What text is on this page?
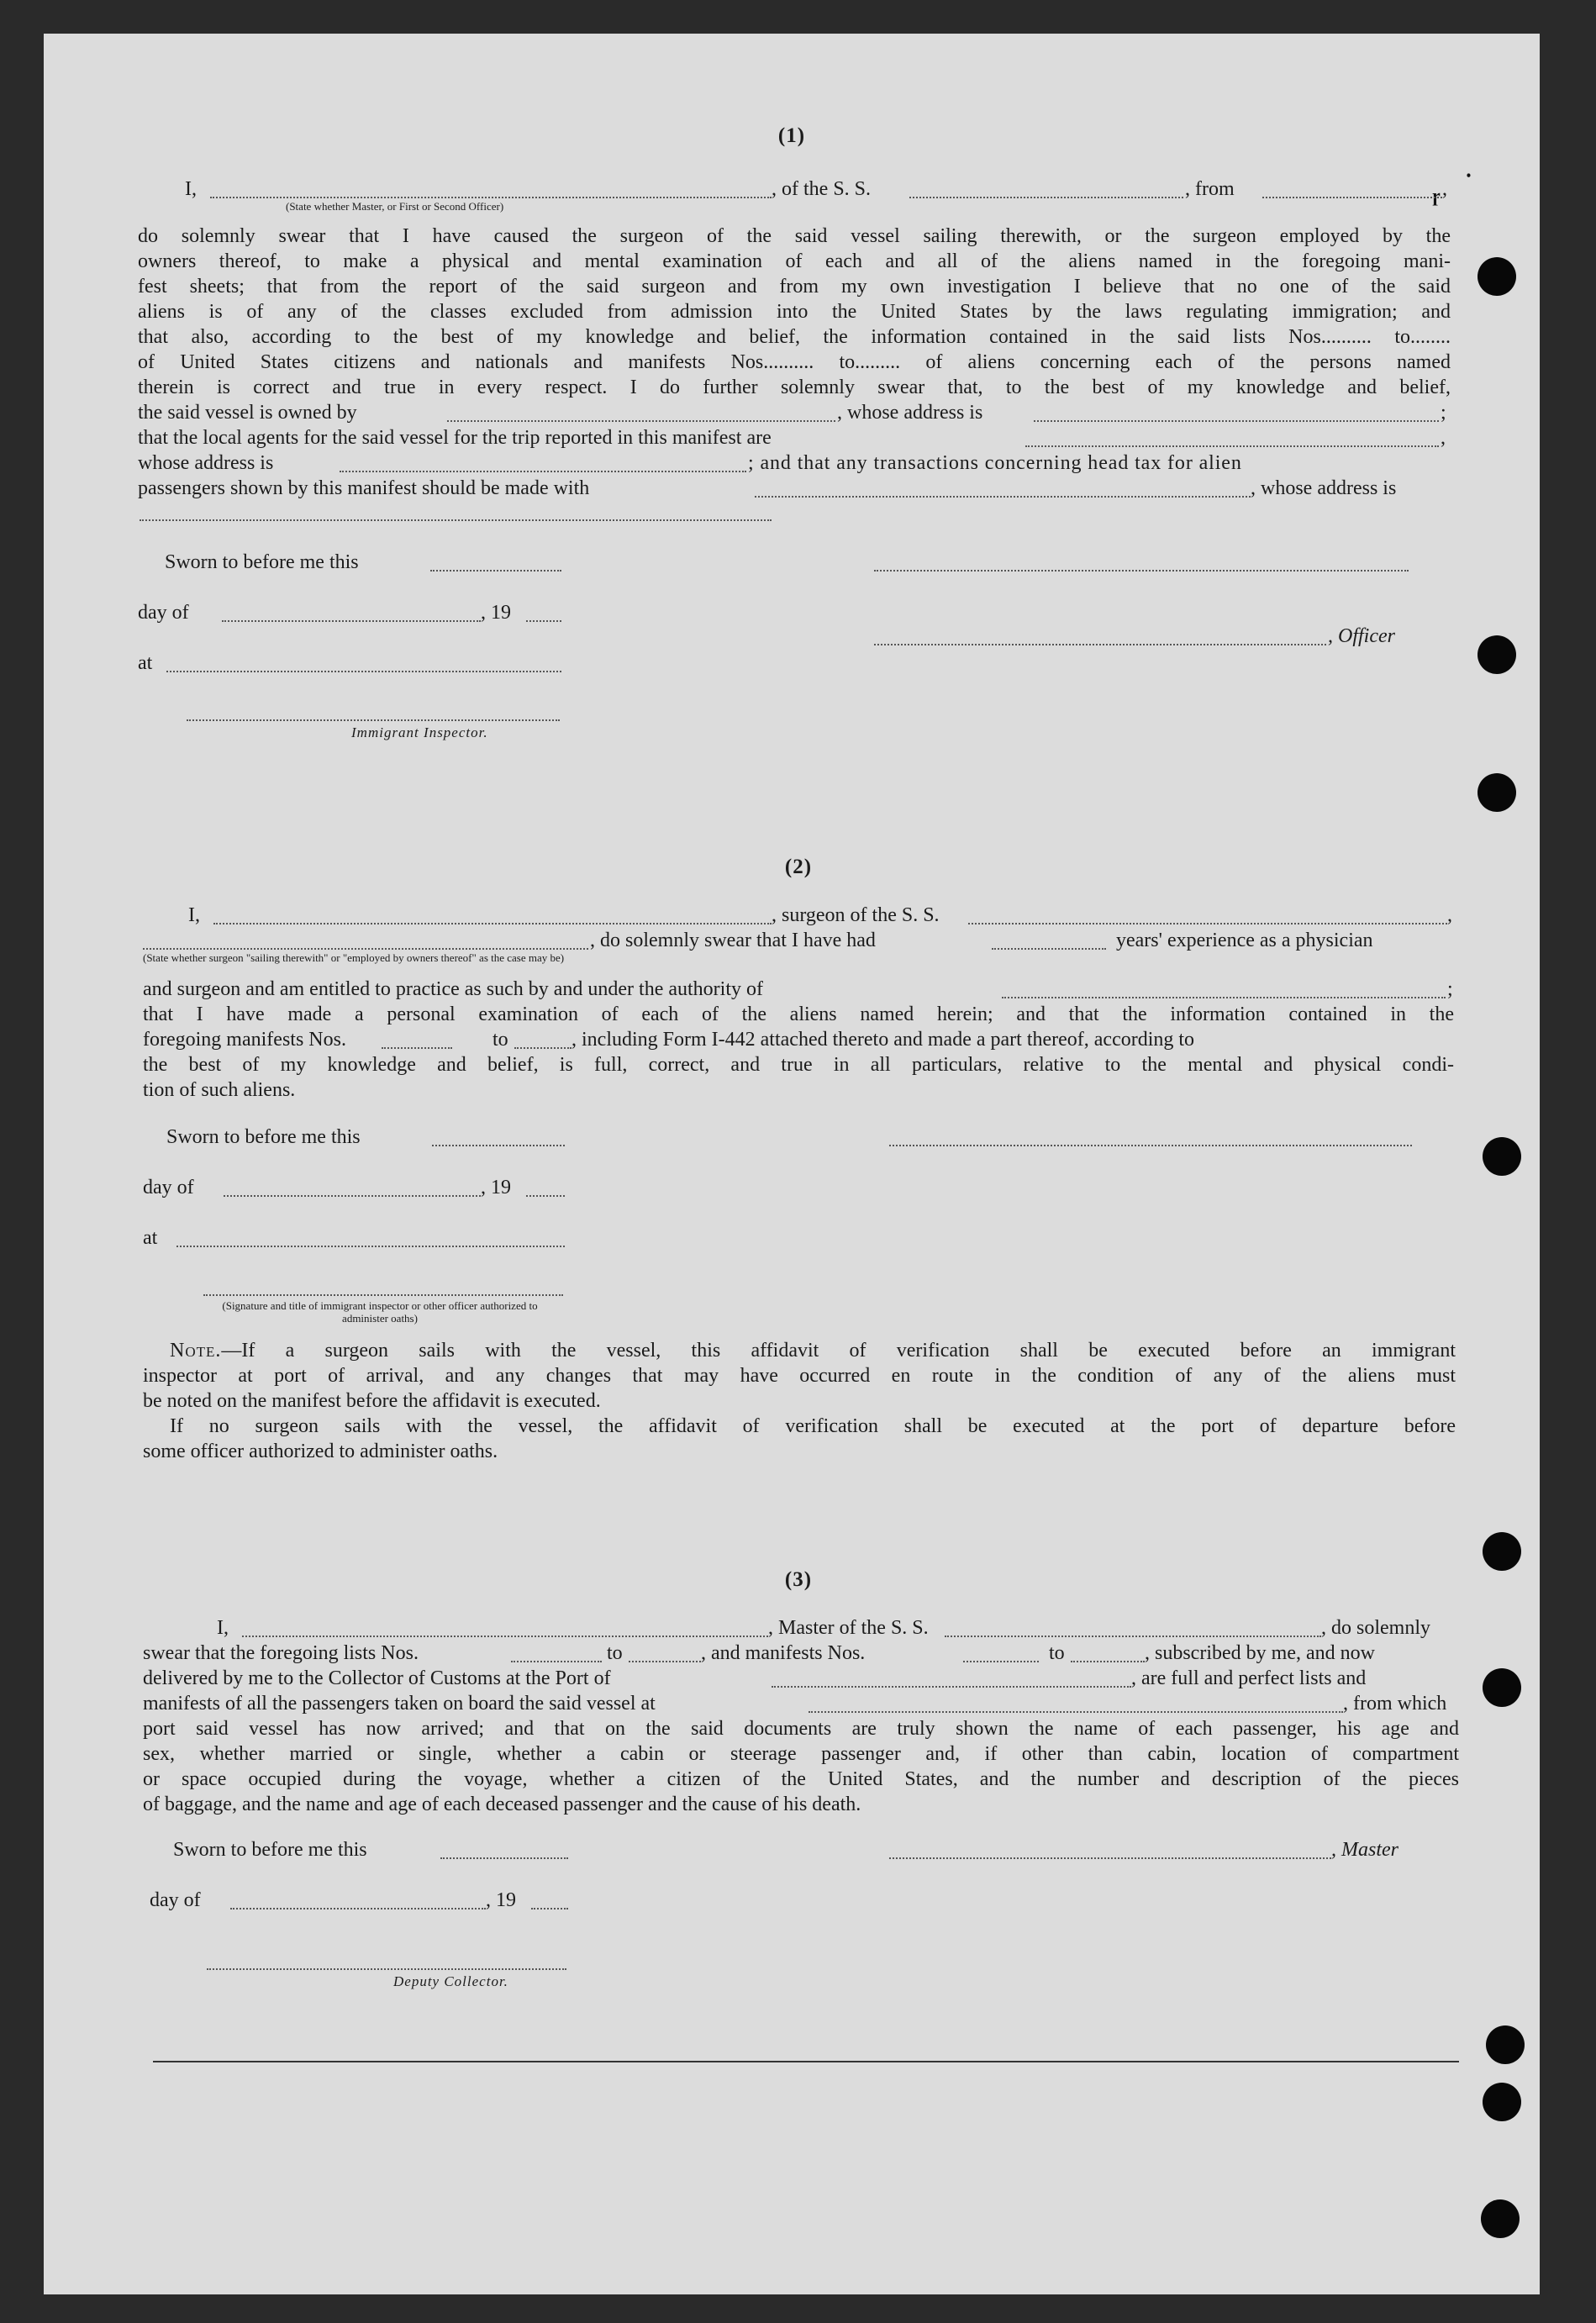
⸱
ɼ
(1)
I,	, of the S. S.	, from	,
(State whether Master, or First or Second Officer)
do solemnly swear that I have caused the surgeon of the said vessel sailing therewith, or the surgeon employed by the
owners thereof, to make a physical and mental examination of each and all of the aliens named in the foregoing mani-
fest sheets; that from the report of the said surgeon and from my own investigation I believe that no one of the said
aliens is of any of the classes excluded from admission into the United States by the laws regulating immigration; and
that also, according to the best of my knowledge and belief, the information contained in the said lists Nos.......... to........
of United States citizens and nationals and manifests Nos.......... to......... of aliens concerning each of the persons named
therein is correct and true in every respect. I do further solemnly swear that, to the best of my knowledge and belief,
the said vessel is owned by	, whose address is	;
that the local agents for the said vessel for the trip reported in this manifest are	,
whose address is	; and that any transactions concerning head tax for alien
passengers shown by this manifest should be made with	, whose address is
Sworn to before me this
day of	, 19
, Officer
at
Immigrant Inspector.
(2)
I,	, surgeon of the S. S.	,
, do solemnly swear that I have had	years' experience as a physician
(State whether surgeon "sailing therewith" or "employed by owners thereof" as the case may be)
and surgeon and am entitled to practice as such by and under the authority of	;
that I have made a personal examination of each of the aliens named herein; and that the information contained in the
foregoing manifests Nos.	to	, including Form I-442 attached thereto and made a part thereof, according to
the best of my knowledge and belief, is full, correct, and true in all particulars, relative to the mental and physical condi-
tion of such aliens.
Sworn to before me this
day of	, 19
at
(Signature and title of immigrant inspector or other officer authorized to administer oaths)
Note.—If a surgeon sails with the vessel, this affidavit of verification shall be executed before an immigrant
inspector at port of arrival, and any changes that may have occurred en route in the condition of any of the aliens must
be noted on the manifest before the affidavit is executed.
If no surgeon sails with the vessel, the affidavit of verification shall be executed at the port of departure before
some officer authorized to administer oaths.
(3)
I,	, Master of the S. S.	, do solemnly
swear that the foregoing lists Nos.	to	, and manifests Nos.	to	, subscribed by me, and now
delivered by me to the Collector of Customs at the Port of	, are full and perfect lists and
manifests of all the passengers taken on board the said vessel at	, from which
port said vessel has now arrived; and that on the said documents are truly shown the name of each passenger, his age and
sex, whether married or single, whether a cabin or steerage passenger and, if other than cabin, location of compartment
or space occupied during the voyage, whether a citizen of the United States, and the number and description of the pieces
of baggage, and the name and age of each deceased passenger and the cause of his death.
Sworn to before me this	, Master
day of	, 19
Deputy Collector.
